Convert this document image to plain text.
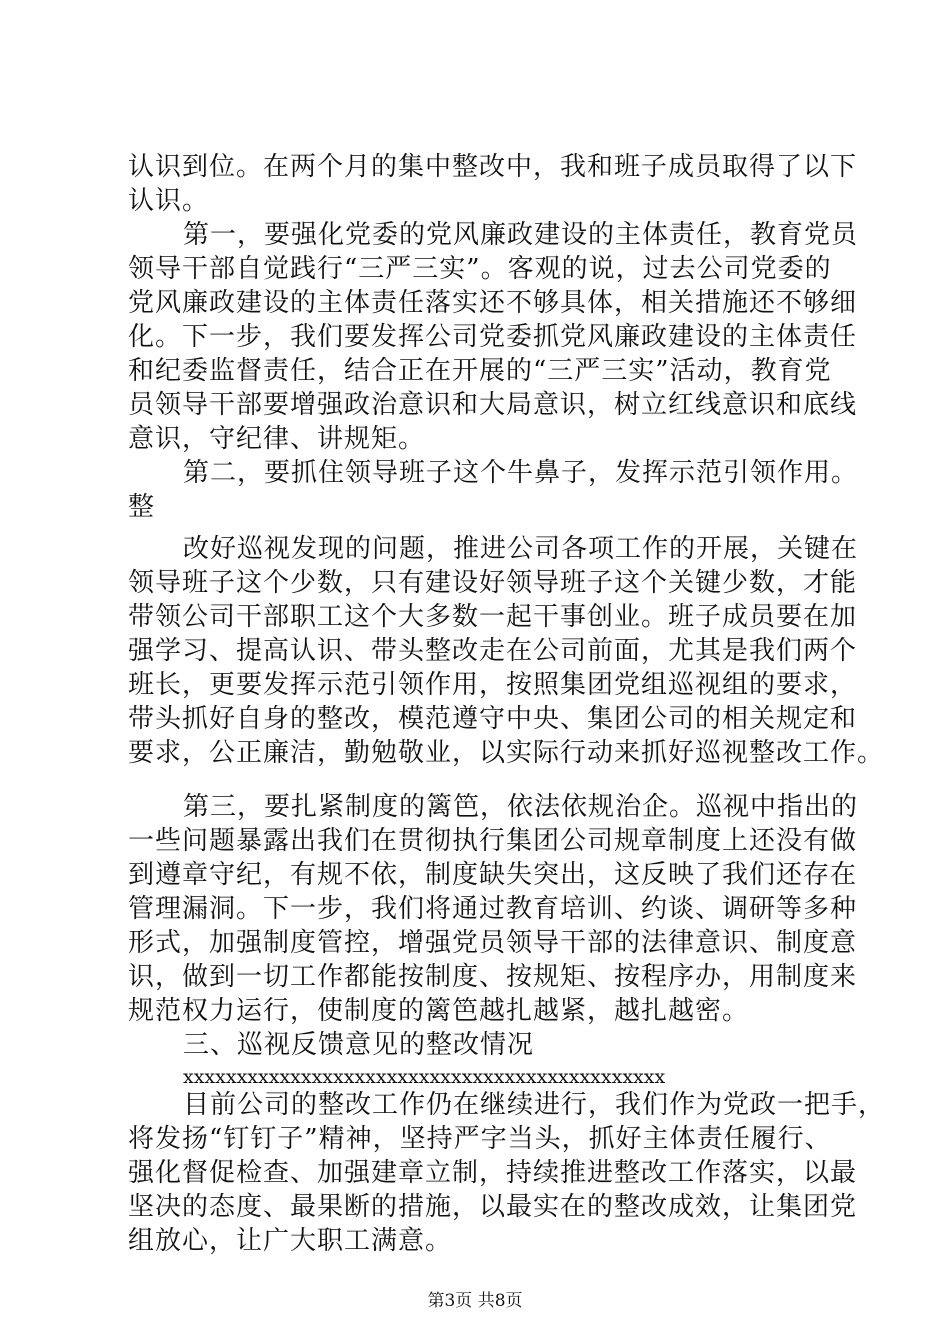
认识到位。在两个月的集中整改中，我和班子成员取得了以下
认识。
第一，要强化党委的党风廉政建设的主体责任，教育党员
领导干部自觉践行“三严三实”。客观的说，过去公司党委的
党风廉政建设的主体责任落实还不够具体，相关措施还不够细
化。下一步，我们要发挥公司党委抓党风廉政建设的主体责任
和纪委监督责任，结合正在开展的“三严三实”活动，教育党
员领导干部要增强政治意识和大局意识，树立红线意识和底线
意识，守纪律、讲规矩。
第二，要抓住领导班子这个牛鼻子，发挥示范引领作用。
整
改好巡视发现的问题，推进公司各项工作的开展，关键在
领导班子这个少数，只有建设好领导班子这个关键少数，才能
带领公司干部职工这个大多数一起干事创业。班子成员要在加
强学习、提高认识、带头整改走在公司前面，尤其是我们两个
班长，更要发挥示范引领作用，按照集团党组巡视组的要求，
带头抓好自身的整改，模范遵守中央、集团公司的相关规定和
要求，公正廉洁，勤勉敬业，以实际行动来抓好巡视整改工作。
第三，要扎紧制度的篱笆，依法依规治企。巡视中指出的
一些问题暴露出我们在贯彻执行集团公司规章制度上还没有做
到遵章守纪，有规不依，制度缺失突出，这反映了我们还存在
管理漏洞。下一步，我们将通过教育培训、约谈、调研等多种
形式，加强制度管控，增强党员领导干部的法律意识、制度意
识，做到一切工作都能按制度、按规矩、按程序办，用制度来
规范权力运行，使制度的篱笆越扎越紧，越扎越密。
三、巡视反馈意见的整改情况
xxxxxxxxxxxxxxxxxxxxxxxxxxxxxxxxxxxxxxxxxxxxx
目前公司的整改工作仍在继续进行，我们作为党政一把手，
将发扬“钉钉子”精神，坚持严字当头，抓好主体责任履行、
强化督促检查、加强建章立制，持续推进整改工作落实，以最
坚决的态度、最果断的措施，以最实在的整改成效，让集团党
组放心，让广大职工满意。
第3页 共8页
